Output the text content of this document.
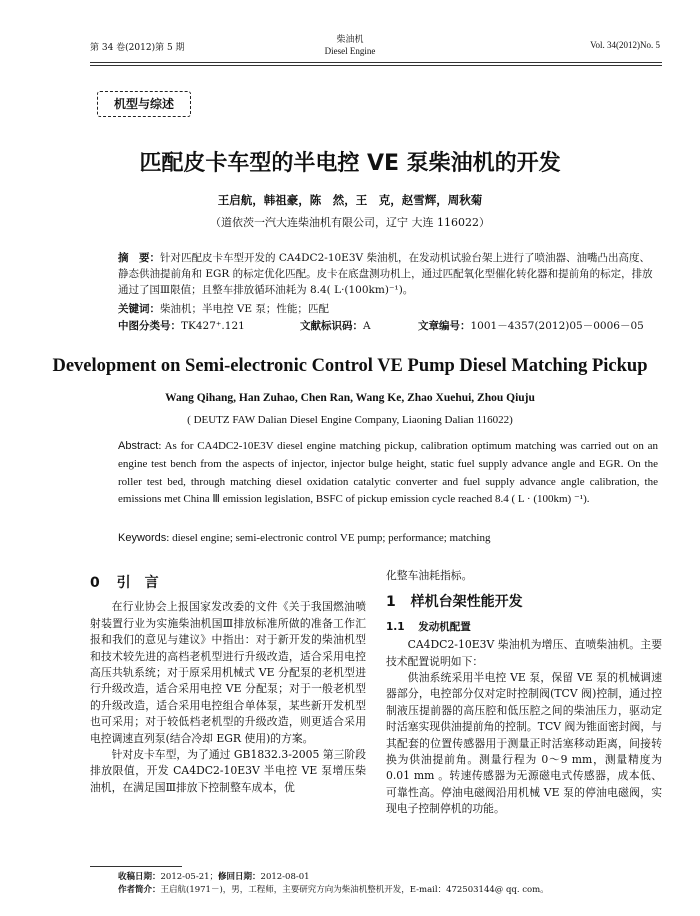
第 34 卷(2012)第 5 期
柴油机
Diesel Engine
Vol. 34(2012)No. 5
机型与综述
匹配皮卡车型的半电控 VE 泵柴油机的开发
王启航，韩祖豪，陈　然，王　克，赵雪辉，周秋菊
（道依茨一汽大连柴油机有限公司，辽宁 大连 116022）
摘　要：针对匹配皮卡车型开发的 CA4DC2-10E3V 柴油机，在发动机试验台架上进行了喷油器、油嘴凸出高度、静态供油提前角和 EGR 的标定优化匹配。皮卡在底盘测功机上，通过匹配氧化型催化转化器和提前角的标定，排放通过了国Ⅲ限值；且整车排放循环油耗为 8.4( L·(100km)⁻¹)。
关键词：柴油机；半电控 VE 泵；性能；匹配
中图分类号：TK427⁺.121	文献标识码：A	文章编号：1001－4357(2012)05－0006－05
Development on Semi-electronic Control VE Pump Diesel Matching Pickup
Wang Qihang, Han Zuhao, Chen Ran, Wang Ke, Zhao Xuehui, Zhou Qiuju
( DEUTZ FAW Dalian Diesel Engine Company, Liaoning Dalian 116022)
Abstract: As for CA4DC2-10E3V diesel engine matching pickup, calibration optimum matching was carried out on an engine test bench from the aspects of injector, injector bulge height, static fuel supply advance angle and EGR. On the roller test bed, through matching diesel oxidation catalytic converter and fuel supply advance angle calibration, the emissions met China Ⅲ emission legislation, BSFC of pickup emission cycle reached 8.4 ( L · (100km) ⁻¹).
Keywords: diesel engine; semi-electronic control VE pump; performance; matching
0 引　言

在行业协会上报国家发改委的文件《关于我国燃油喷射装置行业为实施柴油机国Ⅲ排放标准所做的准备工作汇报和我们的意见与建议》中指出：对于新开发的柴油机型和技术较先进的高档老机型进行升级改造，适合采用电控高压共轨系统；对于原采用机械式 VE 分配泵的老机型进行升级改造，适合采用电控 VE 分配泵；对于一般老机型的升级改造，适合采用电控组合单体泵，某些新开发机型也可采用；对于较低档老机型的升级改造，则更适合采用电控调速直列泵(结合冷却 EGR 使用)的方案。

针对皮卡车型，为了通过 GB1832.3-2005 第三阶段排放限值，开发 CA4DC2-10E3V 半电控 VE 泵增压柴油机，在满足国Ⅲ排放下控制整车成本，优

化整车油耗指标。

1 样机台架性能开发
1.1 发动机配置

CA4DC2-10E3V 柴油机为增压、直喷柴油机。主要技术配置说明如下：

供油系统采用半电控 VE 泵，保留 VE 泵的机械调速器部分，电控部分仅对定时控制阀(TCV 阀)控制，通过控制液压提前器的高压腔和低压腔之间的柴油压力，驱动定时活塞实现供油提前角的控制。TCV 阀为锥面密封阀，与其配套的位置传感器用于测量正时活塞移动距离，间接转换为供油提前角。测量行程为 0～9 mm，测量精度为 0.01 mm 。转速传感器为无源磁电式传感器，成本低、可靠性高。停油电磁阀沿用机械 VE 泵的停油电磁阀，实现电子控制停机的功能。

收稿日期：2012-05-21；修回日期：2012-08-01
作者简介：王启航(1971－)，男，工程师，主要研究方向为柴油机整机开发，E-mail：472503144@ qq. com。
